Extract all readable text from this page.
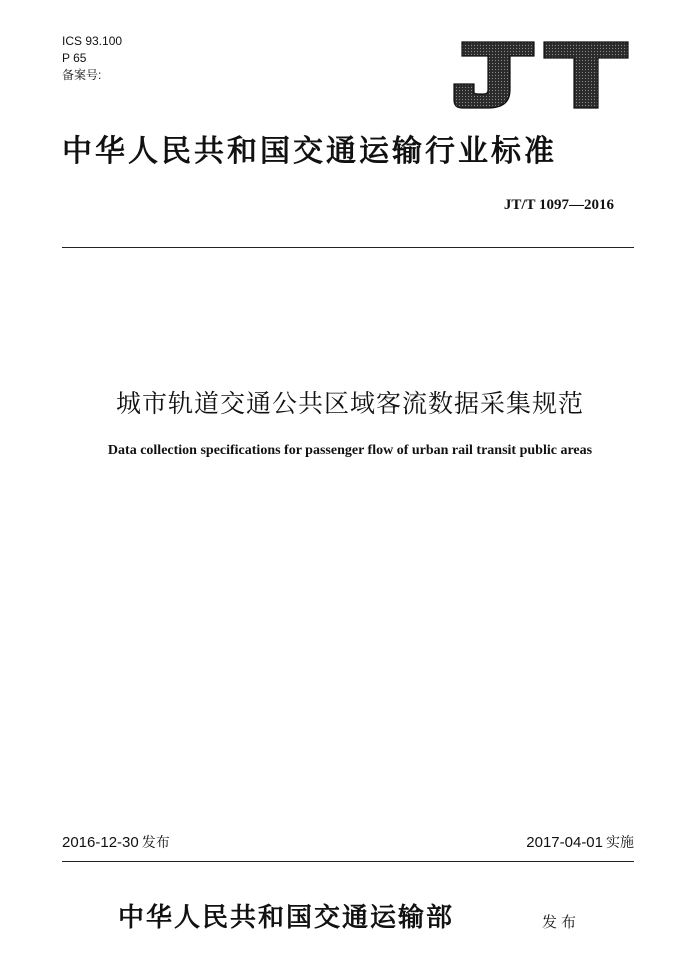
ICS 93.100
P 65
备案号:
中华人民共和国交通运输行业标准
JT/T 1097—2016
城市轨道交通公共区域客流数据采集规范
Data collection specifications for passenger flow of urban rail transit public areas
2016-12-30 发布	2017-04-01 实施
中华人民共和国交通运输部	发布
